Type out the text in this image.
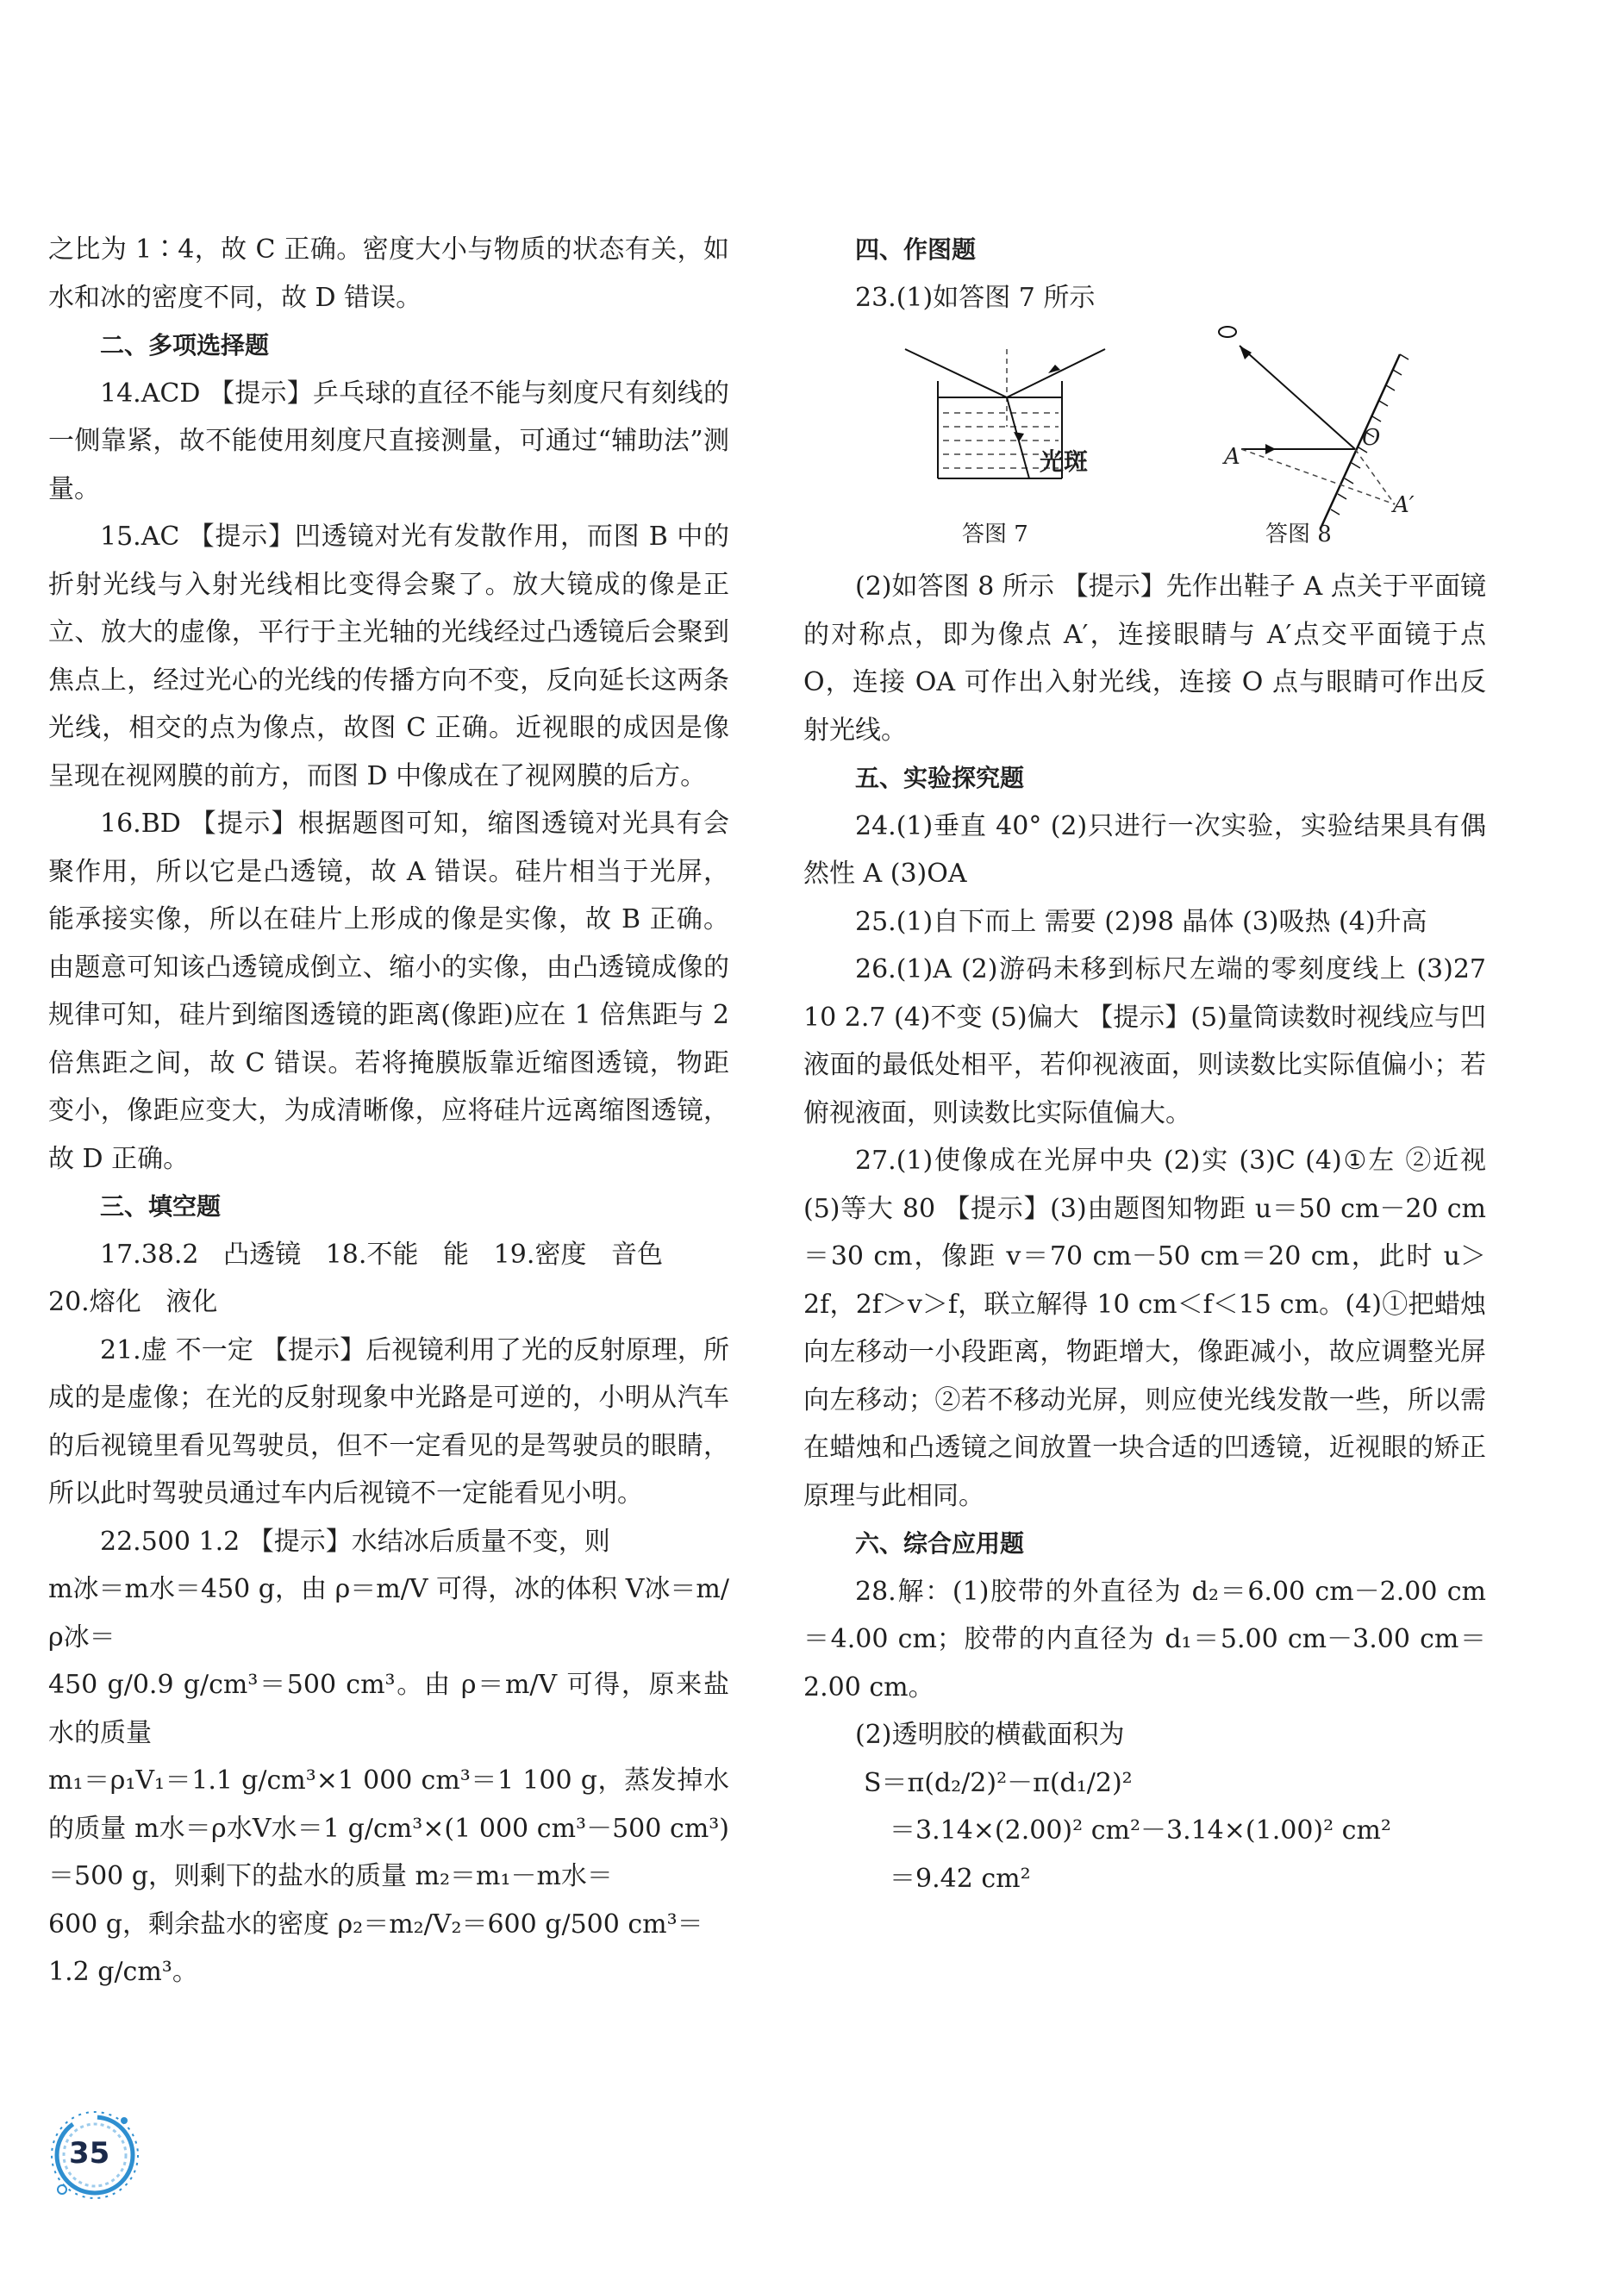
之比为 1∶4，故 C 正确。密度大小与物质的状态有关，如水和冰的密度不同，故 D 错误。

二、多项选择题

14.ACD 【提示】乒乓球的直径不能与刻度尺有刻线的一侧靠紧，故不能使用刻度尺直接测量，可通过“辅助法”测量。

15.AC 【提示】凹透镜对光有发散作用，而图 B 中的折射光线与入射光线相比变得会聚了。放大镜成的像是正立、放大的虚像，平行于主光轴的光线经过凸透镜后会聚到焦点上，经过光心的光线的传播方向不变，反向延长这两条光线，相交的点为像点，故图 C 正确。近视眼的成因是像呈现在视网膜的前方，而图 D 中像成在了视网膜的后方。

16.BD 【提示】根据题图可知，缩图透镜对光具有会聚作用，所以它是凸透镜，故 A 错误。硅片相当于光屏，能承接实像，所以在硅片上形成的像是实像，故 B 正确。由题意可知该凸透镜成倒立、缩小的实像，由凸透镜成像的规律可知，硅片到缩图透镜的距离(像距)应在 1 倍焦距与 2 倍焦距之间，故 C 错误。若将掩膜版靠近缩图透镜，物距变小，像距应变大，为成清晰像，应将硅片远离缩图透镜，故 D 正确。

三、填空题

17.38.2   凸透镜   18.不能   能   19.密度   音色

20.熔化   液化

21.虚 不一定 【提示】后视镜利用了光的反射原理，所成的是虚像；在光的反射现象中光路是可逆的，小明从汽车的后视镜里看见驾驶员，但不一定看见的是驾驶员的眼睛，所以此时驾驶员通过车内后视镜不一定能看见小明。

22.500 1.2 【提示】水结冰后质量不变，则

m冰＝m水＝450 g，由 ρ＝m/V 可得，冰的体积 V冰＝m/ρ冰＝

450 g/0.9 g/cm³＝500 cm³。由 ρ＝m/V 可得，原来盐水的质量

m₁＝ρ₁V₁＝1.1 g/cm³×1 000 cm³＝1 100 g，蒸发掉水的质量 m水＝ρ水V水＝1 g/cm³×(1 000 cm³－500 cm³)＝500 g，则剩下的盐水的质量 m₂＝m₁－m水＝

600 g，剩余盐水的密度 ρ₂＝m₂/V₂＝600 g/500 cm³＝

1.2 g/cm³。

四、作图题

23.(1)如答图 7 所示

光斑
答图 7
A
O
A′
答图 8

(2)如答图 8 所示 【提示】先作出鞋子 A 点关于平面镜的对称点，即为像点 A′，连接眼睛与 A′点交平面镜于点 O，连接 OA 可作出入射光线，连接 O 点与眼睛可作出反射光线。

五、实验探究题

24.(1)垂直 40° (2)只进行一次实验，实验结果具有偶然性 A (3)OA

25.(1)自下而上 需要 (2)98 晶体 (3)吸热 (4)升高

26.(1)A (2)游码未移到标尺左端的零刻度线上 (3)27 10 2.7 (4)不变 (5)偏大 【提示】(5)量筒读数时视线应与凹液面的最低处相平，若仰视液面，则读数比实际值偏小；若俯视液面，则读数比实际值偏大。

27.(1)使像成在光屏中央 (2)实 (3)C (4)①左 ②近视 (5)等大 80 【提示】(3)由题图知物距 u＝50 cm－20 cm＝30 cm，像距 v＝70 cm－50 cm＝20 cm，此时 u＞2f，2f＞v＞f，联立解得 10 cm＜f＜15 cm。(4)①把蜡烛向左移动一小段距离，物距增大，像距减小，故应调整光屏向左移动；②若不移动光屏，则应使光线发散一些，所以需在蜡烛和凸透镜之间放置一块合适的凹透镜，近视眼的矫正原理与此相同。

六、综合应用题

28.解：(1)胶带的外直径为 d₂＝6.00 cm－2.00 cm＝4.00 cm；胶带的内直径为 d₁＝5.00 cm－3.00 cm＝2.00 cm。

(2)透明胶的横截面积为

S＝π(d₂/2)²－π(d₁/2)²

＝3.14×(2.00)² cm²－3.14×(1.00)² cm²

＝9.42 cm²

35
